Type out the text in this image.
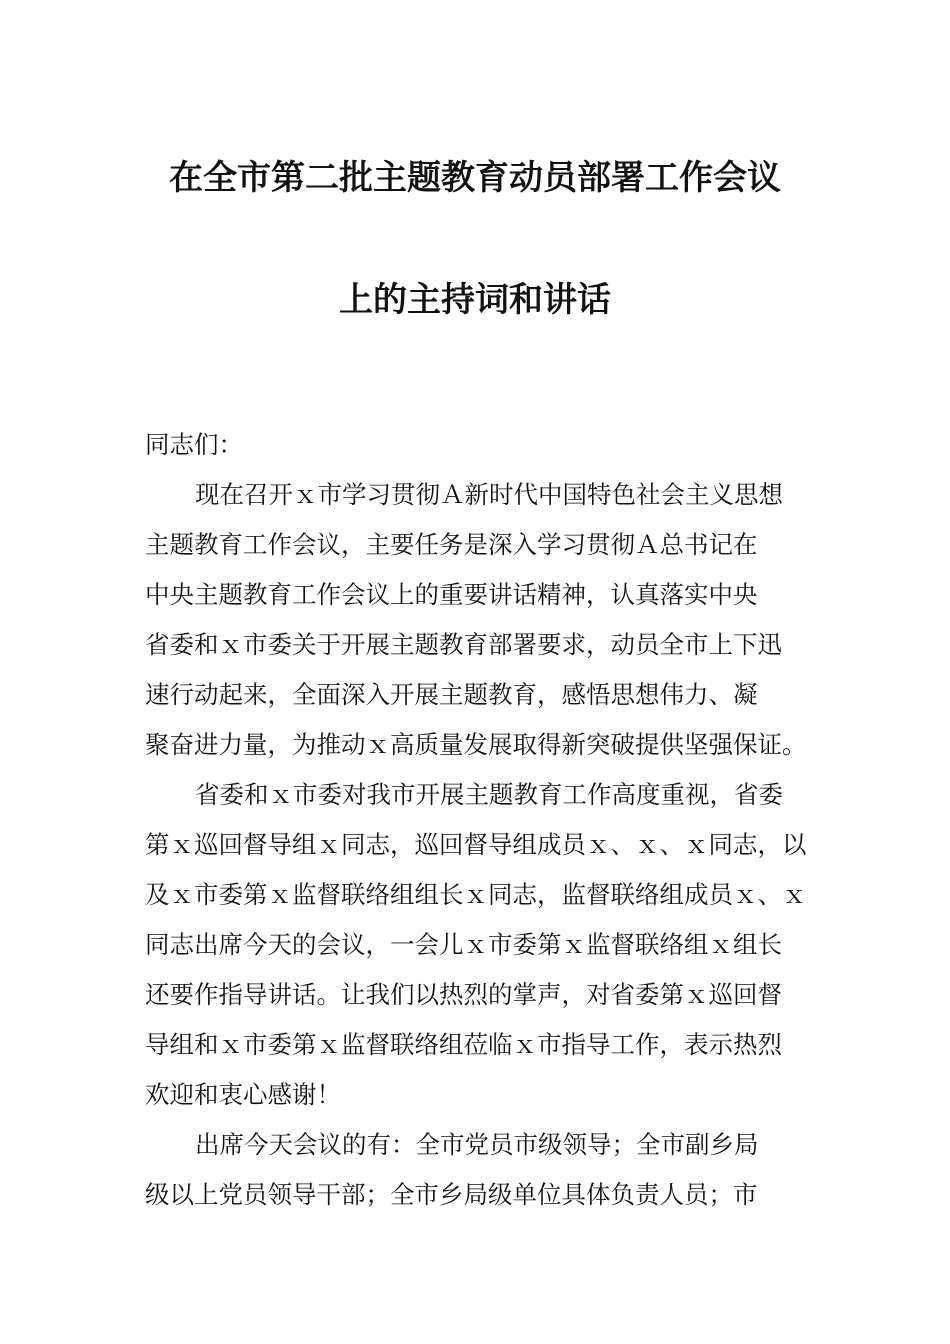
在全市第二批主题教育动员部署工作会议
上的主持词和讲话
同志们：
现在召开ｘ市学习贯彻Ａ新时代中国特色社会主义思想
主题教育工作会议，主要任务是深入学习贯彻Ａ总书记在
中央主题教育工作会议上的重要讲话精神，认真落实中央
省委和ｘ市委关于开展主题教育部署要求，动员全市上下迅
速行动起来，全面深入开展主题教育，感悟思想伟力、凝
聚奋进力量，为推动ｘ高质量发展取得新突破提供坚强保证。
省委和ｘ市委对我市开展主题教育工作高度重视，省委
第ｘ巡回督导组ｘ同志，巡回督导组成员ｘ、ｘ、ｘ同志，以
及ｘ市委第ｘ监督联络组组长ｘ同志，监督联络组成员ｘ、ｘ
同志出席今天的会议，一会儿ｘ市委第ｘ监督联络组ｘ组长
还要作指导讲话。让我们以热烈的掌声，对省委第ｘ巡回督
导组和ｘ市委第ｘ监督联络组莅临ｘ市指导工作，表示热烈
欢迎和衷心感谢！
出席今天会议的有：全市党员市级领导；全市副乡局
级以上党员领导干部；全市乡局级单位具体负责人员；市
